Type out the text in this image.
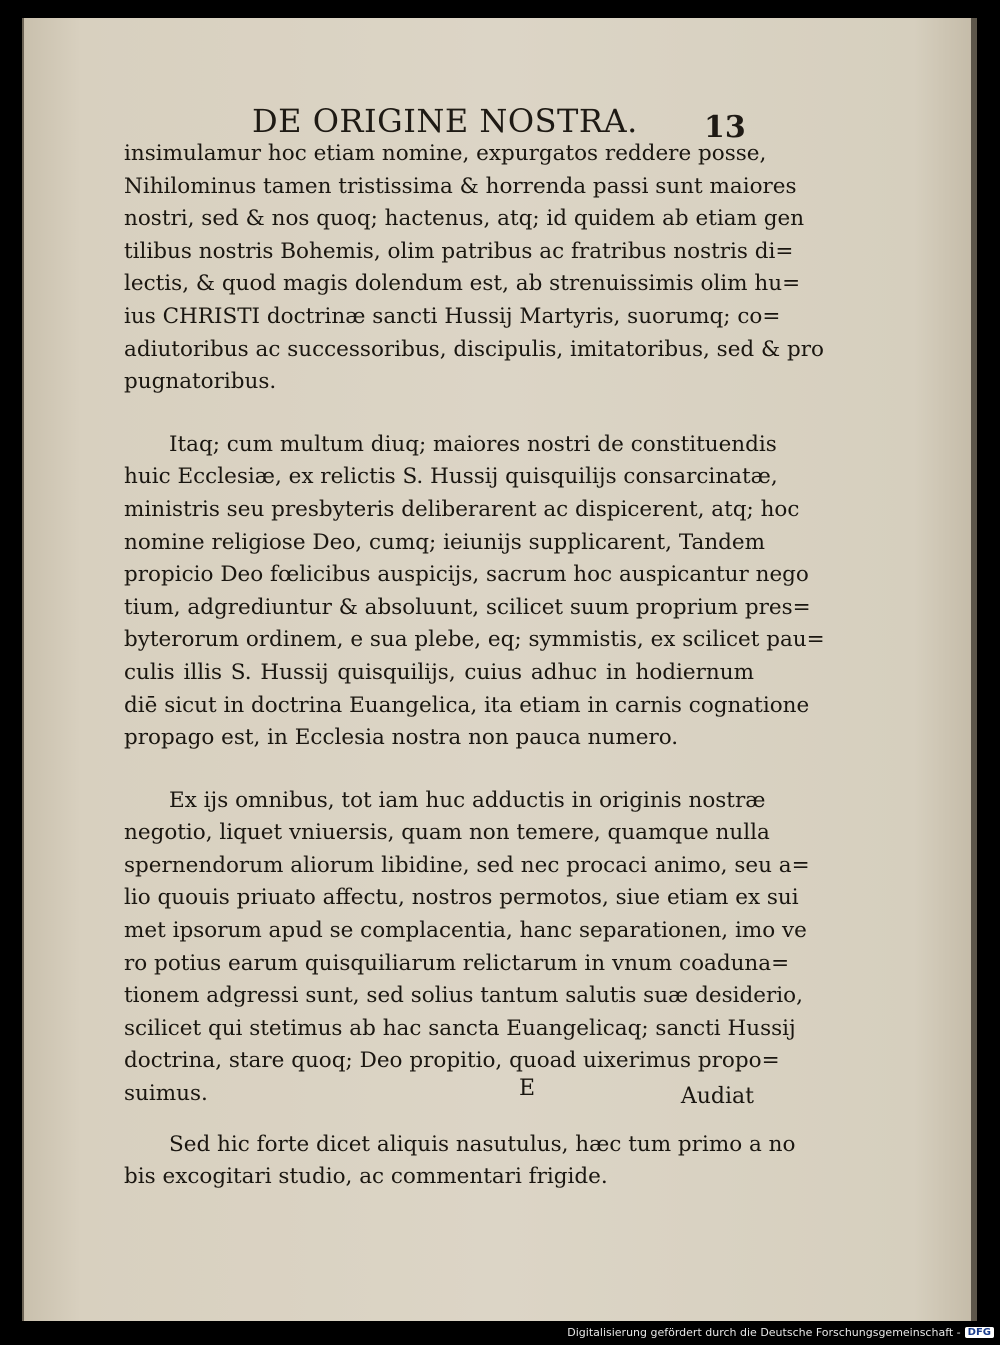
DE ORIGINE NOSTRA. 13
insimulamur hoc etiam nomine, expurgatos reddere posse,
Nihilominus tamen tristissima & horrenda passi sunt maiores
nostri, sed & nos quoq; hactenus, atq; id quidem ab etiam gen
tilibus nostris Bohemis, olim patribus ac fratribus nostris di=
lectis, & quod magis dolendum est, ab strenuissimis olim hu=
ius CHRISTI doctrinæ sancti Hussij Martyris, suorumq; co=
adiutoribus ac successoribus, discipulis, imitatoribus, sed & pro
pugnatoribus.
Itaq; cum multum diuq; maiores nostri de constituendis
huic Ecclesiæ, ex relictis S. Hussij quisquilijs consarcinatæ,
ministris seu presbyteris deliberarent ac dispicerent, atq; hoc
nomine religiose Deo, cumq; ieiunijs supplicarent, Tandem
propicio Deo fœlicibus auspicijs, sacrum hoc auspicantur nego
tium, adgrediuntur & absoluunt, scilicet suum proprium pres=
byterorum ordinem, e sua plebe, eq; symmistis, ex scilicet pau=
culis illis S. Hussij quisquilijs, cuius adhuc in hodiernum
diē sicut in doctrina Euangelica, ita etiam in carnis cognatione
propago est, in Ecclesia nostra non pauca numero.
Ex ijs omnibus, tot iam huc adductis in originis nostræ
negotio, liquet vniuersis, quam non temere, quamque nulla
spernendorum aliorum libidine, sed nec procaci animo, seu a=
lio quouis priuato affectu, nostros permotos, siue etiam ex sui
met ipsorum apud se complacentia, hanc separationen, imo ve
ro potius earum quisquiliarum relictarum in vnum coaduna=
tionem adgressi sunt, sed solius tantum salutis suæ desiderio,
scilicet qui stetimus ab hac sancta Euangelicaq; sancti Hussij
doctrina, stare quoq; Deo propitio, quoad uixerimus propo=
suimus.
Sed hic forte dicet aliquis nasutulus, hæc tum primo a no
bis excogitari studio, ac commentari frigide.
E	Audiat
Digitalisierung gefördert durch die Deutsche Forschungsgemeinschaft - DFG
